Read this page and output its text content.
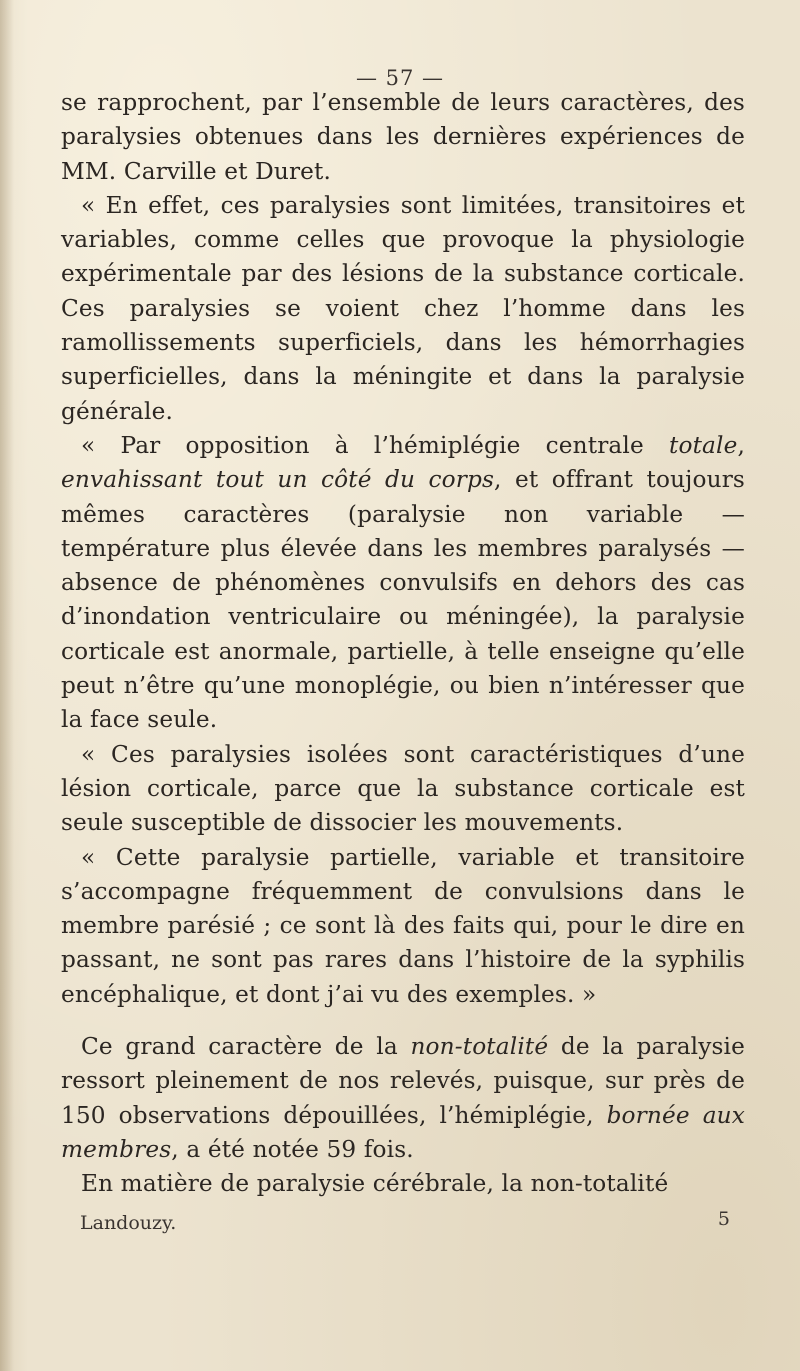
— 57 —

se rapprochent, par l’ensemble de leurs caractères, des paralysies obtenues dans les dernières expériences de MM. Carville et Duret.

« En effet, ces paralysies sont limitées, transitoires et variables, comme celles que provoque la physiologie expérimentale par des lésions de la substance corticale. Ces paralysies se voient chez l’homme dans les ramollissements superficiels, dans les hémorrhagies superficielles, dans la méningite et dans la paralysie générale.

« Par opposition à l’hémiplégie centrale totale, envahissant tout un côté du corps, et offrant toujours mêmes caractères (paralysie non variable — température plus élevée dans les membres paralysés — absence de phénomènes convulsifs en dehors des cas d’inondation ventriculaire ou méningée), la paralysie corticale est anormale, partielle, à telle enseigne qu’elle peut n’être qu’une monoplégie, ou bien n’intéresser que la face seule.

« Ces paralysies isolées sont caractéristiques d’une lésion corticale, parce que la substance corticale est seule susceptible de dissocier les mouvements.

« Cette paralysie partielle, variable et transitoire s’accompagne fréquemment de convulsions dans le membre parésié ; ce sont là des faits qui, pour le dire en passant, ne sont pas rares dans l’histoire de la syphilis encéphalique, et dont j’ai vu des exemples. »

Ce grand caractère de la non-totalité de la paralysie ressort pleinement de nos relevés, puisque, sur près de 150 observations dépouillées, l’hémiplégie, bornée aux membres, a été notée 59 fois.

En matière de paralysie cérébrale, la non-totalité

Landouzy.	5
